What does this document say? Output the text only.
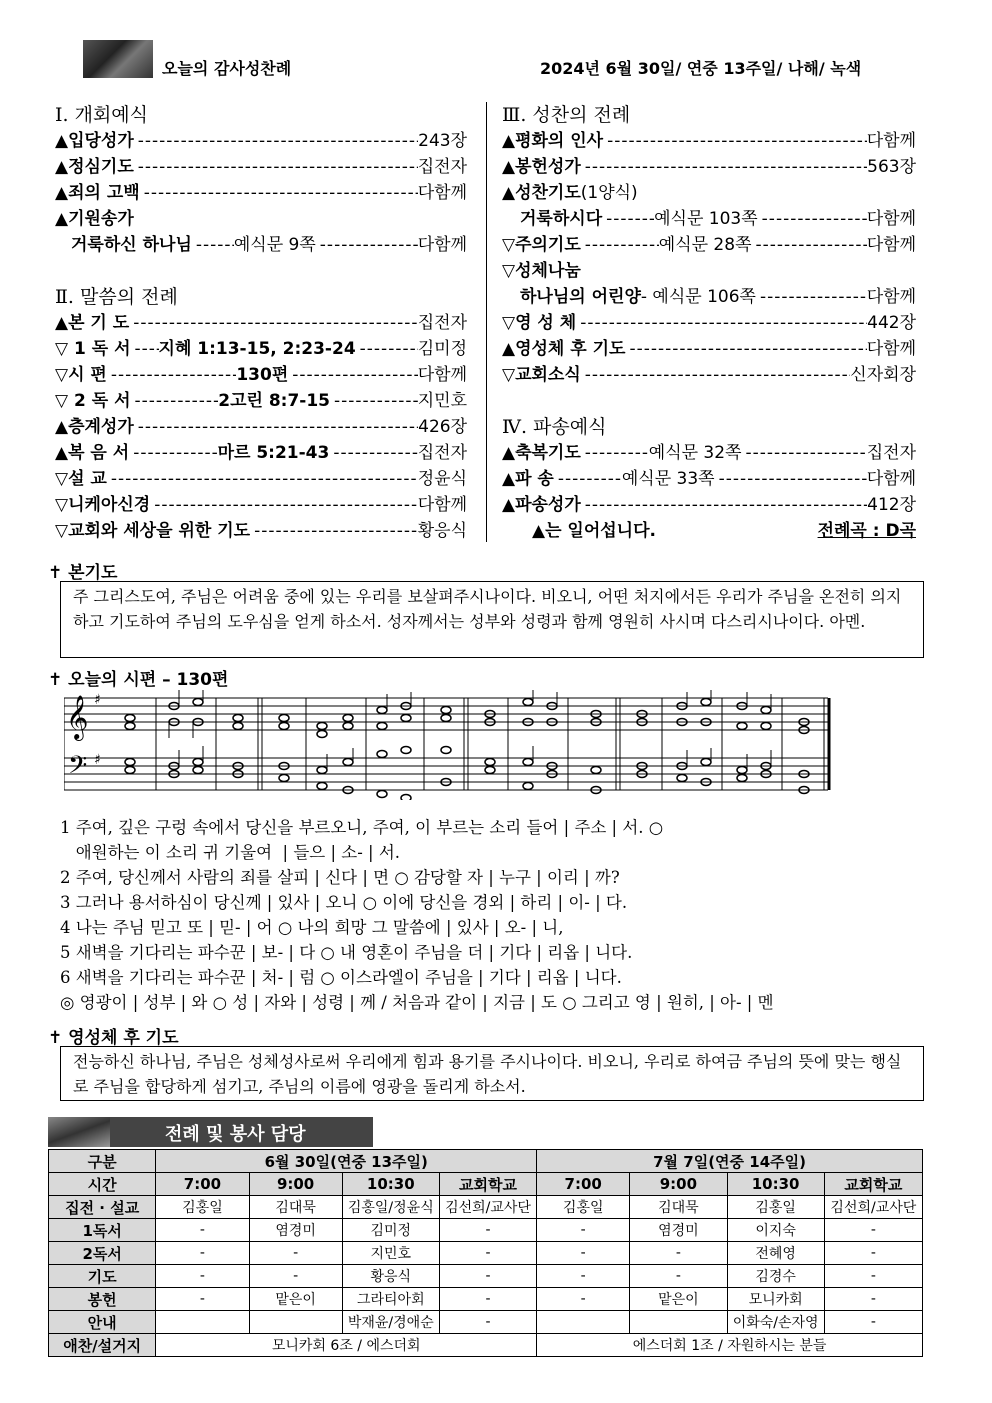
오늘의 감사성찬례	2024년 6월 30일/ 연중 13주일/ 나해/ 녹색
Ⅰ. 개회예식
▲입당성가 -----	243장
▲정심기도 -----	집전자
▲죄의 고백 -----	다함께
▲기원송가
거룩하신 하나님 ----- 예식문 9쪽 -----	다함께
Ⅱ. 말씀의 전례
▲본 기 도 -----	집전자
▽ 1 독 서 ----- 지혜 1:13-15, 2:23-24 -----	김미정
▽시 편 -----	130편 -----	다함께
▽ 2 독 서 -----	2고린 8:7-15 -----	지민호
▲층계성가 -----	426장
▲복 음 서 -----	마르 5:21-43 -----	집전자
▽설 교 -----	정윤식
▽니케아신경 -----	다함께
▽교회와 세상을 위한 기도 -----	황응식
Ⅲ. 성찬의 전례
▲평화의 인사 -----	다함께
▲봉헌성가 -----	563장
▲성찬기도 (1양식)
거룩하시다 -----	예식문 103쪽 -----	다함께
▽주의기도 -----	예식문 28쪽 -----	다함께
▽성체나눔
하나님의 어린양 - 예식문 106쪽 -----	다함께
▽영 성 체 -----	442장
▲영성체 후 기도 -----	다함께
▽교회소식 -----	신자회장
Ⅳ. 파송예식
▲축복기도 -----	예식문 32쪽 -----	집전자
▲파 송 -----	예식문 33쪽 -----	다함께
▲파송성가 -----	412장
▲는 일어섭니다.	전례곡 : D곡
✝ 본기도
주 그리스도여, 주님은 어려움 중에 있는 우리를 보살펴주시나이다. 비오니, 어떤 처지에서든 우리가 주님을 온전히 의지하고 기도하여 주님의 도우심을 얻게 하소서. 성자께서는 성부와 성령과 함께 영원히 사시며 다스리시나이다. 아멘.
✝ 오늘의 시편 – 130편
𝄞
𝄢
♯
♯
1 주여, 깊은 구렁 속에서 당신을 부르오니, 주여, 이 부르는 소리 들어 | 주소 | 서. ○
애원하는 이 소리 귀 기울여  | 들으 | 소- | 서.
2 주여, 당신께서 사람의 죄를 살피 | 신다 | 면 ○ 감당할 자 | 누구 | 이리 | 까?
3 그러나 용서하심이 당신께 | 있사 | 오니 ○ 이에 당신을 경외 | 하리 | 이- | 다.
4 나는 주님 믿고 또 | 믿- | 어 ○ 나의 희망 그 말씀에 | 있사 | 오- | 니,
5 새벽을 기다리는 파수꾼 | 보- | 다 ○ 내 영혼이 주님을 더 | 기다 | 리옵 | 니다.
6 새벽을 기다리는 파수꾼 | 처- | 럼 ○ 이스라엘이 주님을 | 기다 | 리옵 | 니다.
◎ 영광이 | 성부 | 와 ○ 성 | 자와 | 성령 | 께 / 처음과 같이 | 지금 | 도 ○ 그리고 영 | 원히, | 아- | 멘
✝ 영성체 후 기도
전능하신 하나님, 주님은 성체성사로써 우리에게 힘과 용기를 주시나이다. 비오니, 우리로 하여금 주님의 뜻에 맞는 행실로 주님을 합당하게 섬기고, 주님의 이름에 영광을 돌리게 하소서.
전례 및 봉사 담당
구분	6월 30일(연중 13주일)				7월 7일(연중 14주일)			
시간	7:00	9:00	10:30	교회학교	7:00	9:00	10:30	교회학교
집전 · 설교	김홍일	김대묵	김홍일/정윤식	김선희/교사단	김홍일	김대묵	김홍일	김선희/교사단
1독서	-	염경미	김미정	-	-	염경미	이지숙	-
2독서	-	-	지민호	-	-	-	전혜영	-
기도	-	-	황응식	-	-	-	김경수	-
봉헌	-	맡은이	그라티아회	-	-	맡은이	모니카회	-
안내			박재윤/경애순	-			이화숙/손자영	-
애찬/설거지	모니카회 6조 / 에스더회				에스더회 1조 / 자원하시는 분들			
